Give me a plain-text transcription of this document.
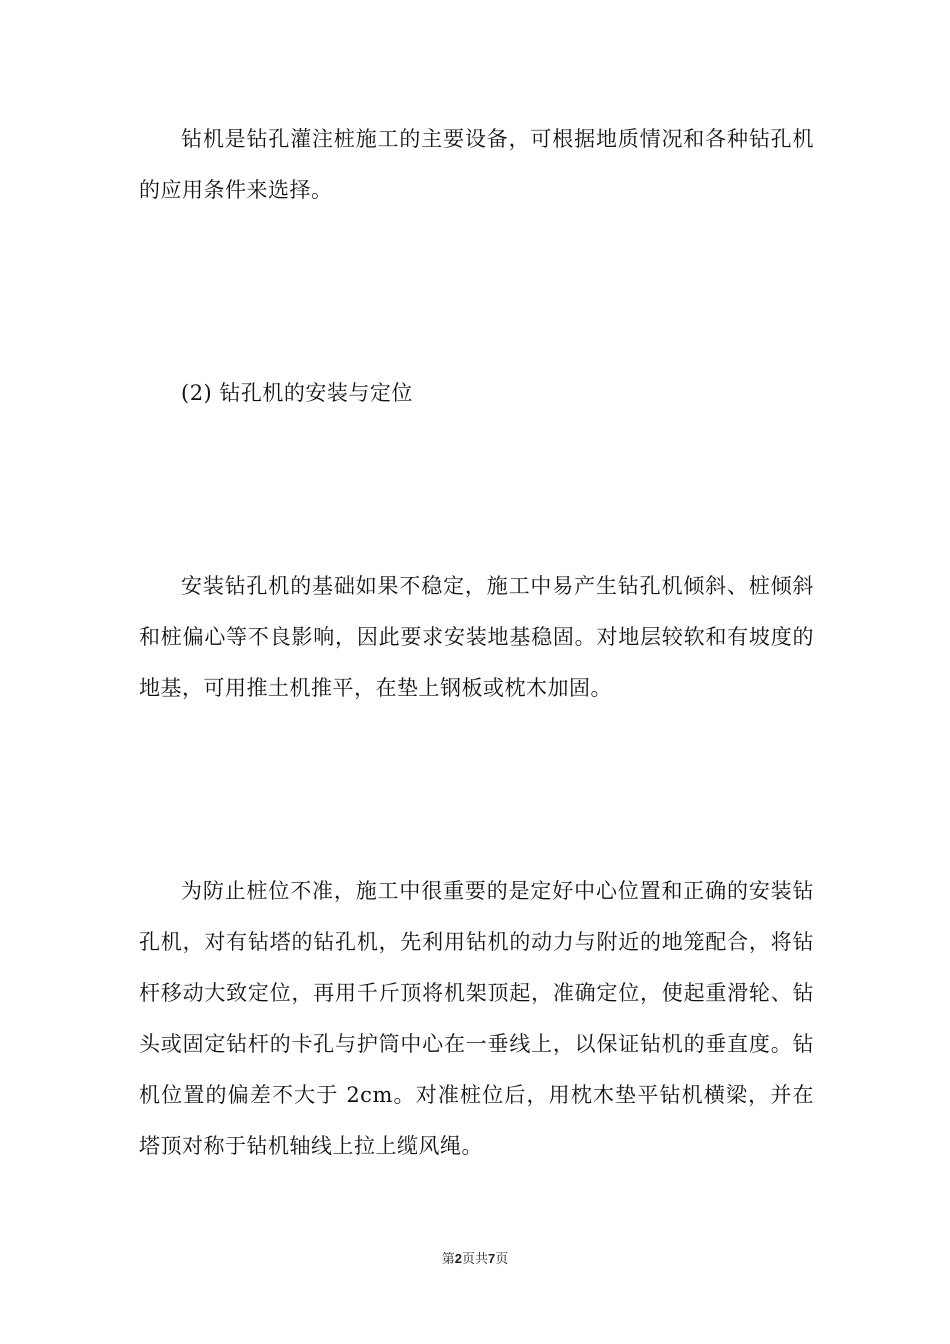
钻机是钻孔灌注桩施工的主要设备，可根据地质情况和各种钻孔机的应用条件来选择。

(2) 钻孔机的安装与定位

安装钻孔机的基础如果不稳定，施工中易产生钻孔机倾斜、桩倾斜和桩偏心等不良影响，因此要求安装地基稳固。对地层较软和有坡度的地基，可用推土机推平，在垫上钢板或枕木加固。

为防止桩位不准，施工中很重要的是定好中心位置和正确的安装钻孔机，对有钻塔的钻孔机，先利用钻机的动力与附近的地笼配合，将钻杆移动大致定位，再用千斤顶将机架顶起，准确定位，使起重滑轮、钻头或固定钻杆的卡孔与护筒中心在一垂线上，以保证钻机的垂直度。钻机位置的偏差不大于 2cm。对准桩位后，用枕木垫平钻机横梁，并在塔顶对称于钻机轴线上拉上缆风绳。

第2页共7页
